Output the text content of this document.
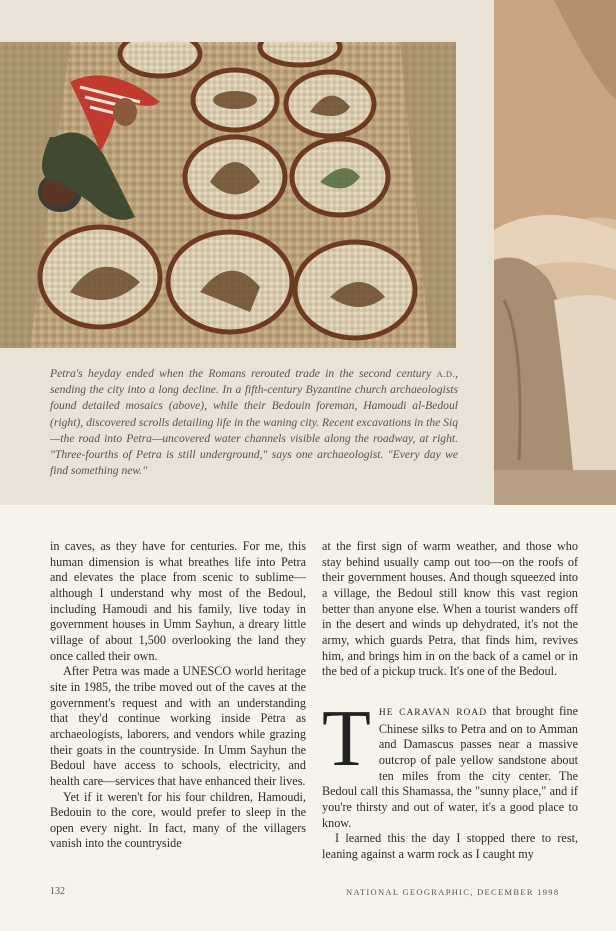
Petra's heyday ended when the Romans rerouted trade in the second century A.D., sending the city into a long decline. In a fifth-century Byzantine church archaeologists found detailed mosaics (above), while their Bedouin foreman, Hamoudi al-Bedoul (right), discovered scrolls detailing life in the waning city. Recent excavations in the Siq—the road into Petra—uncovered water channels visible along the roadway, at right. "Three-fourths of Petra is still underground," says one archaeologist. "Every day we find something new."

in caves, as they have for centuries. For me, this human dimension is what breathes life into Petra and elevates the place from scenic to sublime—although I understand why most of the Bedoul, including Hamoudi and his family, live today in government houses in Umm Sayhun, a dreary little village of about 1,500 overlooking the land they once called their own.

After Petra was made a UNESCO world heritage site in 1985, the tribe moved out of the caves at the government's request and with an understanding that they'd continue working inside Petra as archaeologists, laborers, and vendors while grazing their goats in the countryside. In Umm Sayhun the Bedoul have access to schools, electricity, and health care—services that have enhanced their lives.

Yet if it weren't for his four children, Hamoudi, Bedouin to the core, would prefer to sleep in the open every night. In fact, many of the villagers vanish into the countryside

at the first sign of warm weather, and those who stay behind usually camp out too—on the roofs of their government houses. And though squeezed into a village, the Bedoul still know this vast region better than anyone else. When a tourist wanders off in the desert and winds up dehydrated, it's not the army, which guards Petra, that finds him, revives him, and brings him in on the back of a camel or in the bed of a pickup truck. It's one of the Bedoul.

THE CARAVAN ROAD that brought fine Chinese silks to Petra and on to Amman and Damascus passes near a massive outcrop of pale yellow sandstone about ten miles from the city center. The Bedoul call this Shamassa, the "sunny place," and if you're thirsty and out of water, it's a good place to know.

I learned this the day I stopped there to rest, leaning against a warm rock as I caught my

132	NATIONAL GEOGRAPHIC, DECEMBER 1998
